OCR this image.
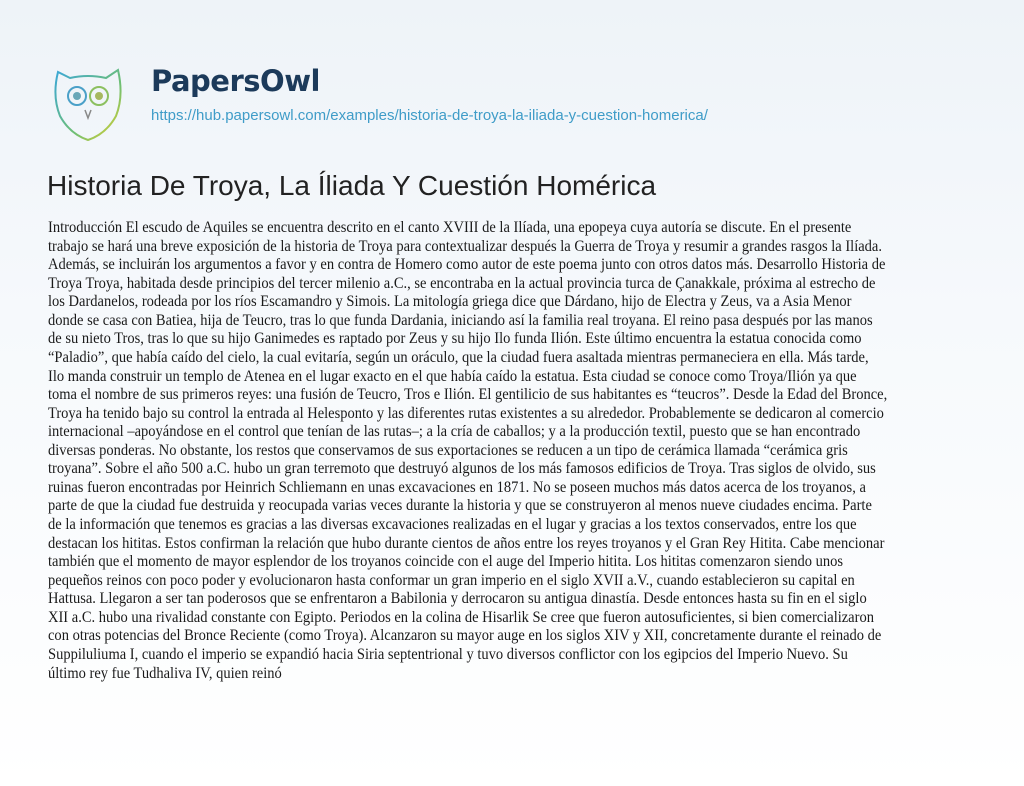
PapersOwl
https://hub.papersowl.com/examples/historia-de-troya-la-iliada-y-cuestion-homerica/
Historia De Troya, La Íliada Y Cuestión Homérica
Introducción El escudo de Aquiles se encuentra descrito en el canto XVIII de la Ilíada, una epopeya cuya autoría se discute. En el presente
trabajo se hará una breve exposición de la historia de Troya para contextualizar después la Guerra de Troya y resumir a grandes rasgos la Ilíada.
Además, se incluirán los argumentos a favor y en contra de Homero como autor de este poema junto con otros datos más. Desarrollo Historia de
Troya Troya, habitada desde principios del tercer milenio a.C., se encontraba en la actual provincia turca de Çanakkale, próxima al estrecho de
los Dardanelos, rodeada por los ríos Escamandro y Simois. La mitología griega dice que Dárdano, hijo de Electra y Zeus, va a Asia Menor
donde se casa con Batiea, hija de Teucro, tras lo que funda Dardania, iniciando así la familia real troyana. El reino pasa después por las manos
de su nieto Tros, tras lo que su hijo Ganimedes es raptado por Zeus y su hijo Ilo funda Ilión. Este último encuentra la estatua conocida como
“Paladio”, que había caído del cielo, la cual evitaría, según un oráculo, que la ciudad fuera asaltada mientras permaneciera en ella. Más tarde,
Ilo manda construir un templo de Atenea en el lugar exacto en el que había caído la estatua. Esta ciudad se conoce como Troya/Ilión ya que
toma el nombre de sus primeros reyes: una fusión de Teucro, Tros e Ilión. El gentilicio de sus habitantes es “teucros”. Desde la Edad del Bronce,
Troya ha tenido bajo su control la entrada al Helesponto y las diferentes rutas existentes a su alrededor. Probablemente se dedicaron al comercio
internacional –apoyándose en el control que tenían de las rutas–; a la cría de caballos; y a la producción textil, puesto que se han encontrado
diversas ponderas. No obstante, los restos que conservamos de sus exportaciones se reducen a un tipo de cerámica llamada “cerámica gris
troyana”. Sobre el año 500 a.C. hubo un gran terremoto que destruyó algunos de los más famosos edificios de Troya. Tras siglos de olvido, sus
ruinas fueron encontradas por Heinrich Schliemann en unas excavaciones en 1871. No se poseen muchos más datos acerca de los troyanos, a
parte de que la ciudad fue destruida y reocupada varias veces durante la historia y que se construyeron al menos nueve ciudades encima. Parte
de la información que tenemos es gracias a las diversas excavaciones realizadas en el lugar y gracias a los textos conservados, entre los que
destacan los hititas. Estos confirman la relación que hubo durante cientos de años entre los reyes troyanos y el Gran Rey Hitita. Cabe mencionar
también que el momento de mayor esplendor de los troyanos coincide con el auge del Imperio hitita. Los hititas comenzaron siendo unos
pequeños reinos con poco poder y evolucionaron hasta conformar un gran imperio en el siglo XVII a.V., cuando establecieron su capital en
Hattusa. Llegaron a ser tan poderosos que se enfrentaron a Babilonia y derrocaron su antigua dinastía. Desde entonces hasta su fin en el siglo
XII a.C. hubo una rivalidad constante con Egipto. Periodos en la colina de Hisarlik Se cree que fueron autosuficientes, si bien comercializaron
con otras potencias del Bronce Reciente (como Troya). Alcanzaron su mayor auge en los siglos XIV y XII, concretamente durante el reinado de
Suppiluliuma I, cuando el imperio se expandió hacia Siria septentrional y tuvo diversos conflictor con los egipcios del Imperio Nuevo. Su
último rey fue Tudhaliva IV, quien reinó
